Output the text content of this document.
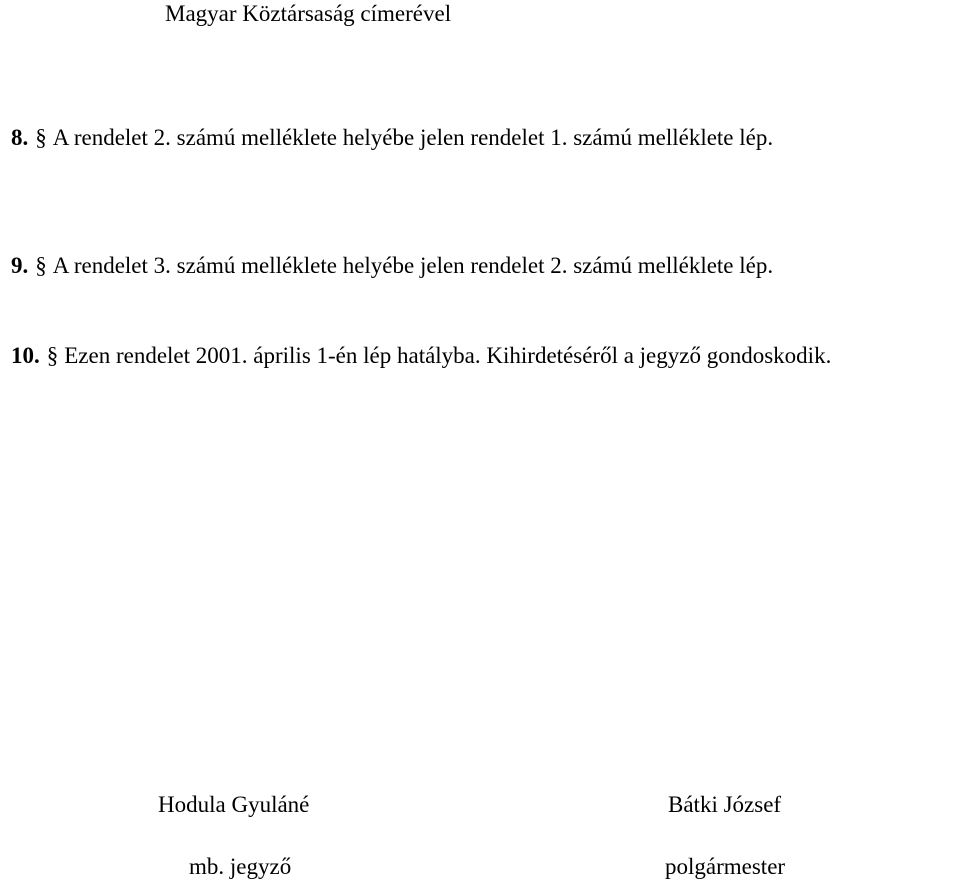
Magyar Köztársaság címerével
8. § A rendelet 2. számú melléklete helyébe jelen rendelet 1. számú melléklete lép.
9. § A rendelet 3. számú melléklete helyébe jelen rendelet 2. számú melléklete lép.
10. § Ezen rendelet 2001. április 1-én lép hatályba. Kihirdetéséről a jegyző gondoskodik.
Hodula Gyuláné
mb. jegyző
Bátki József
polgármester
